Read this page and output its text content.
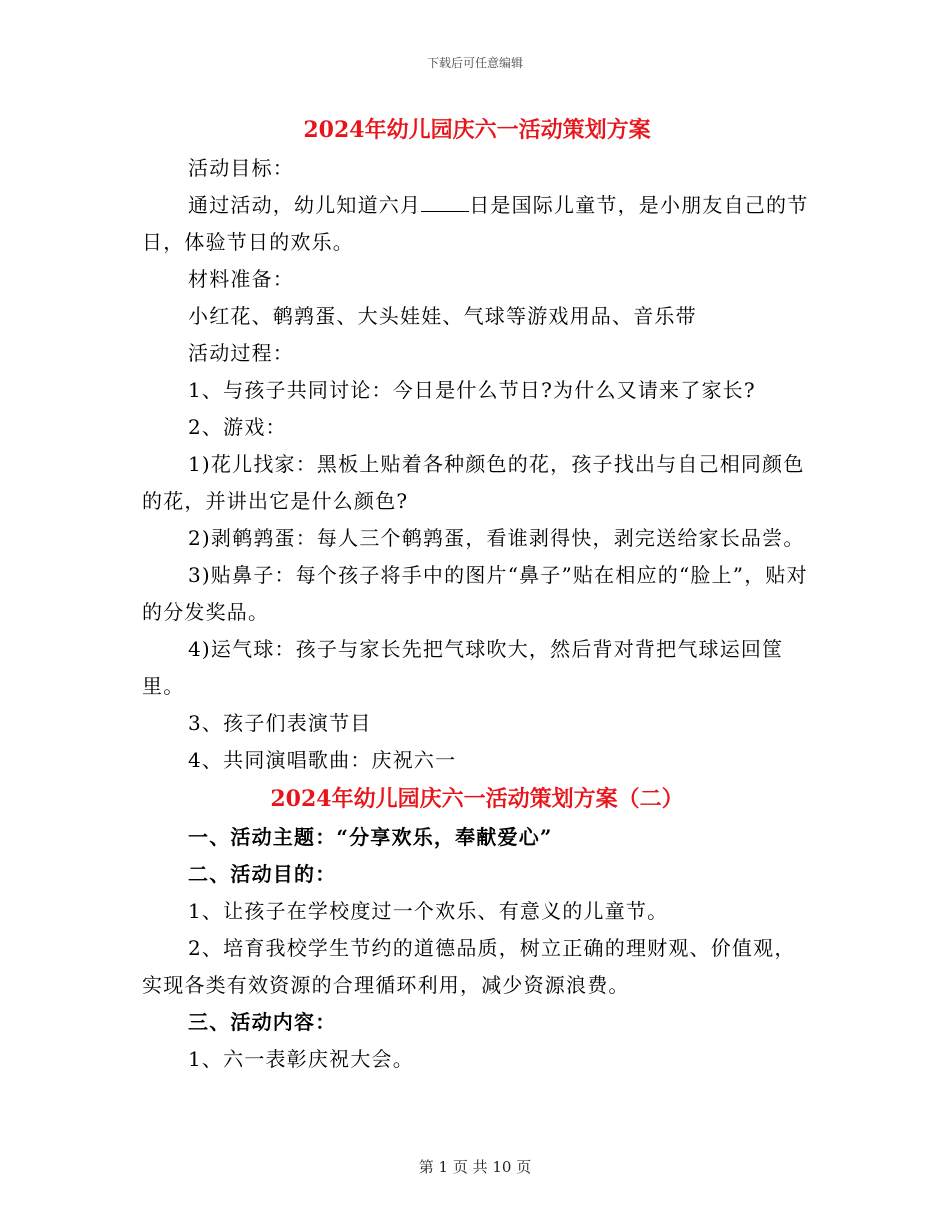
下载后可任意编辑
2024年幼儿园庆六一活动策划方案

活动目标：

通过活动，幼儿知道六月 日是国际儿童节，是小朋友自己的节日，体验节日的欢乐。

材料准备：

小红花、鹌鹑蛋、大头娃娃、气球等游戏用品、音乐带

活动过程：

1、与孩子共同讨论：今日是什么节日?为什么又请来了家长?

2、游戏：

1)花儿找家：黑板上贴着各种颜色的花，孩子找出与自己相同颜色的花，并讲出它是什么颜色?

2)剥鹌鹑蛋：每人三个鹌鹑蛋，看谁剥得快，剥完送给家长品尝。

3)贴鼻子：每个孩子将手中的图片“鼻子”贴在相应的“脸上”，贴对的分发奖品。

4)运气球：孩子与家长先把气球吹大，然后背对背把气球运回筐里。

3、孩子们表演节目

4、共同演唱歌曲：庆祝六一

2024年幼儿园庆六一活动策划方案（二）

一、活动主题：“分享欢乐，奉献爱心”

二、活动目的：

1、让孩子在学校度过一个欢乐、有意义的儿童节。

2、培育我校学生节约的道德品质，树立正确的理财观、价值观，实现各类有效资源的合理循环利用，减少资源浪费。

三、活动内容：

1、六一表彰庆祝大会。

第 1 页 共 10 页
